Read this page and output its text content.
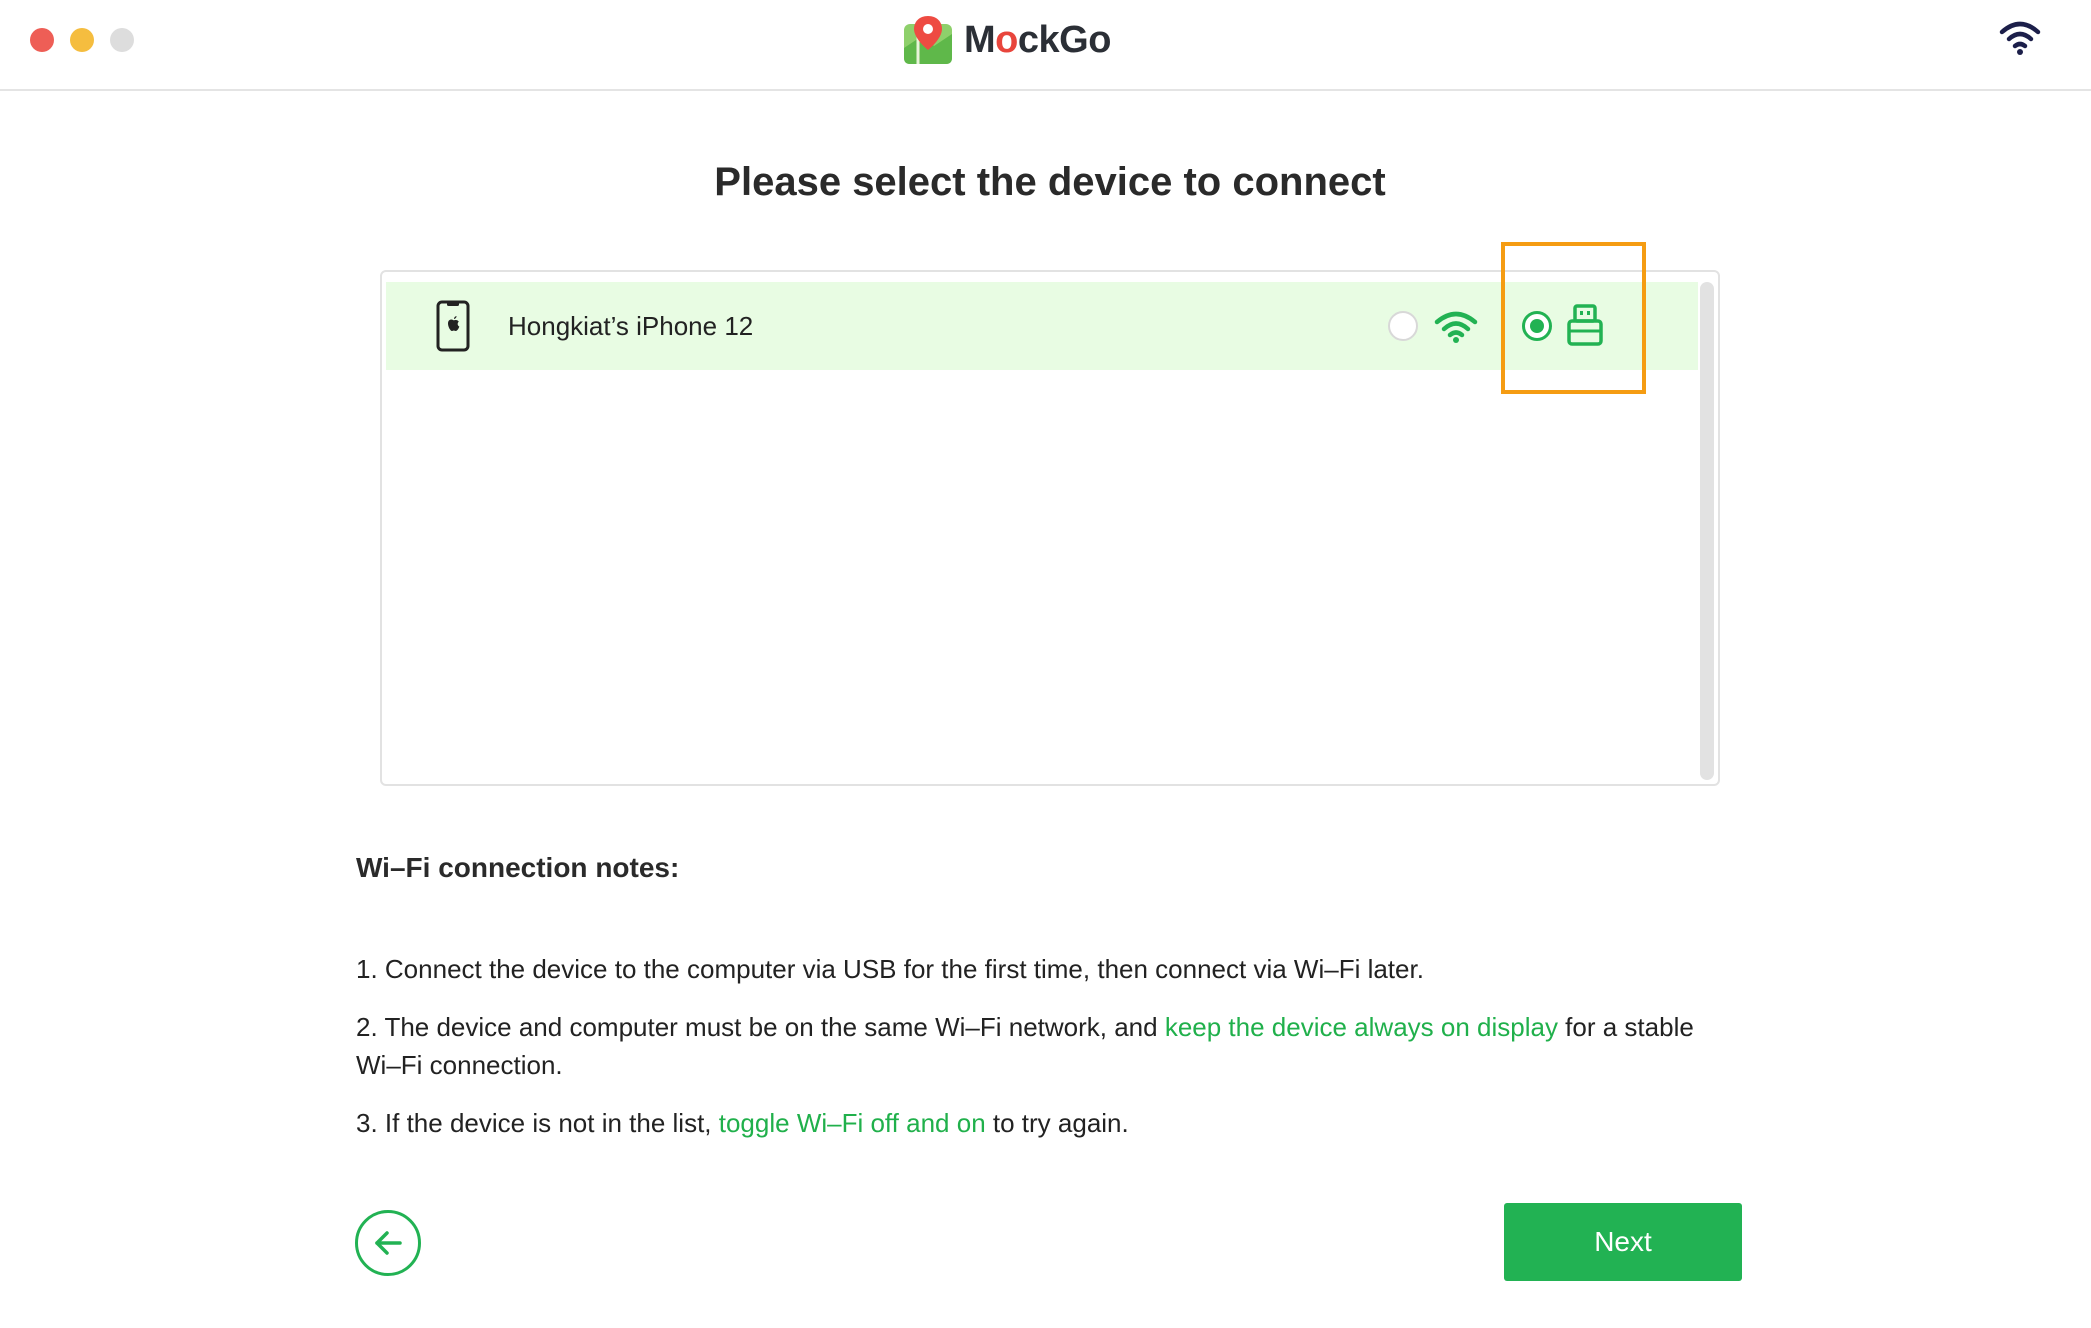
MockGo
Please select the device to connect
Hongkiat’s iPhone 12
Wi–Fi connection notes:

1. Connect the device to the computer via USB for the first time, then connect via Wi–Fi later.

2. The device and computer must be on the same Wi–Fi network, and keep the device always on display for a stable Wi–Fi connection.

3. If the device is not in the list, toggle Wi–Fi off and on to try again.

Next
